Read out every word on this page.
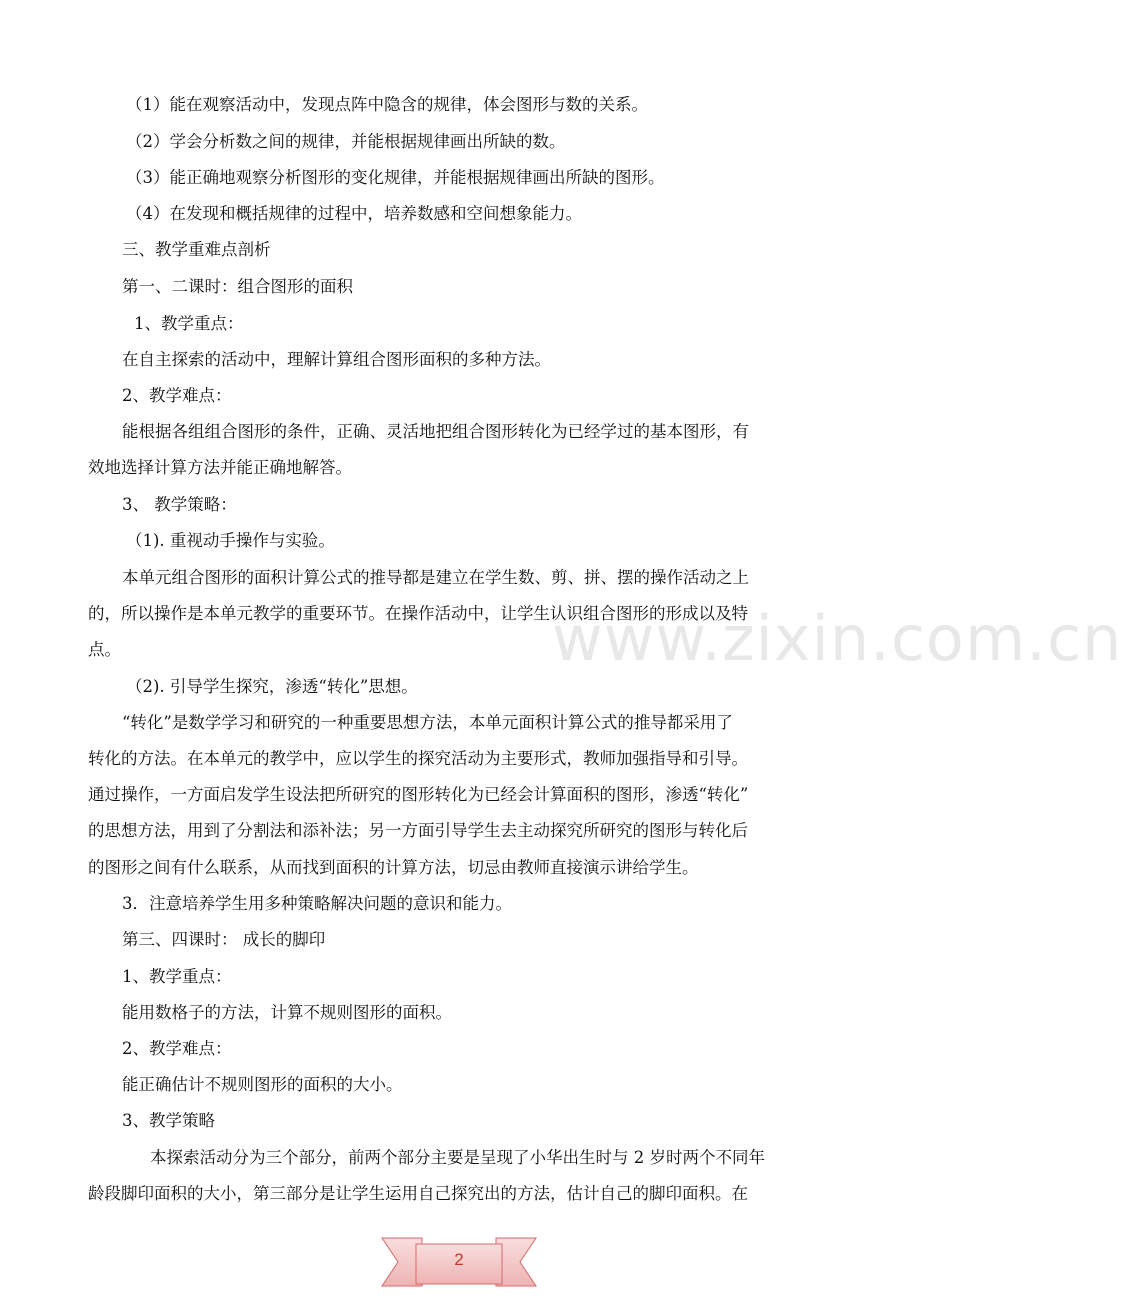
www.zixin.com.cn

（1）能在观察活动中，发现点阵中隐含的规律，体会图形与数的关系。

（2）学会分析数之间的规律，并能根据规律画出所缺的数。

（3）能正确地观察分析图形的变化规律，并能根据规律画出所缺的图形。

（4）在发现和概括规律的过程中，培养数感和空间想象能力。

三、教学重难点剖析

第一、二课时：组合图形的面积

1、教学重点：

在自主探索的活动中，理解计算组合图形面积的多种方法。

2、教学难点：

能根据各组组合图形的条件，正确、灵活地把组合图形转化为已经学过的基本图形，有

效地选择计算方法并能正确地解答。

3、 教学策略：

（1). 重视动手操作与实验。

本单元组合图形的面积计算公式的推导都是建立在学生数、剪、拼、摆的操作活动之上

的，所以操作是本单元教学的重要环节。在操作活动中，让学生认识组合图形的形成以及特

点。

（2). 引导学生探究，渗透“转化”思想。

“转化”是数学学习和研究的一种重要思想方法，本单元面积计算公式的推导都采用了

转化的方法。在本单元的教学中，应以学生的探究活动为主要形式，教师加强指导和引导。

通过操作，一方面启发学生设法把所研究的图形转化为已经会计算面积的图形，渗透“转化”

的思想方法，用到了分割法和添补法；另一方面引导学生去主动探究所研究的图形与转化后

的图形之间有什么联系，从而找到面积的计算方法，切忌由教师直接演示讲给学生。

3．注意培养学生用多种策略解决问题的意识和能力。

第三、四课时： 成长的脚印

1、教学重点：

能用数格子的方法，计算不规则图形的面积。

2、教学难点：

能正确估计不规则图形的面积的大小。

3、教学策略

本探索活动分为三个部分，前两个部分主要是呈现了小华出生时与 2 岁时两个不同年

龄段脚印面积的大小，第三部分是让学生运用自己探究出的方法，估计自己的脚印面积。在

2
